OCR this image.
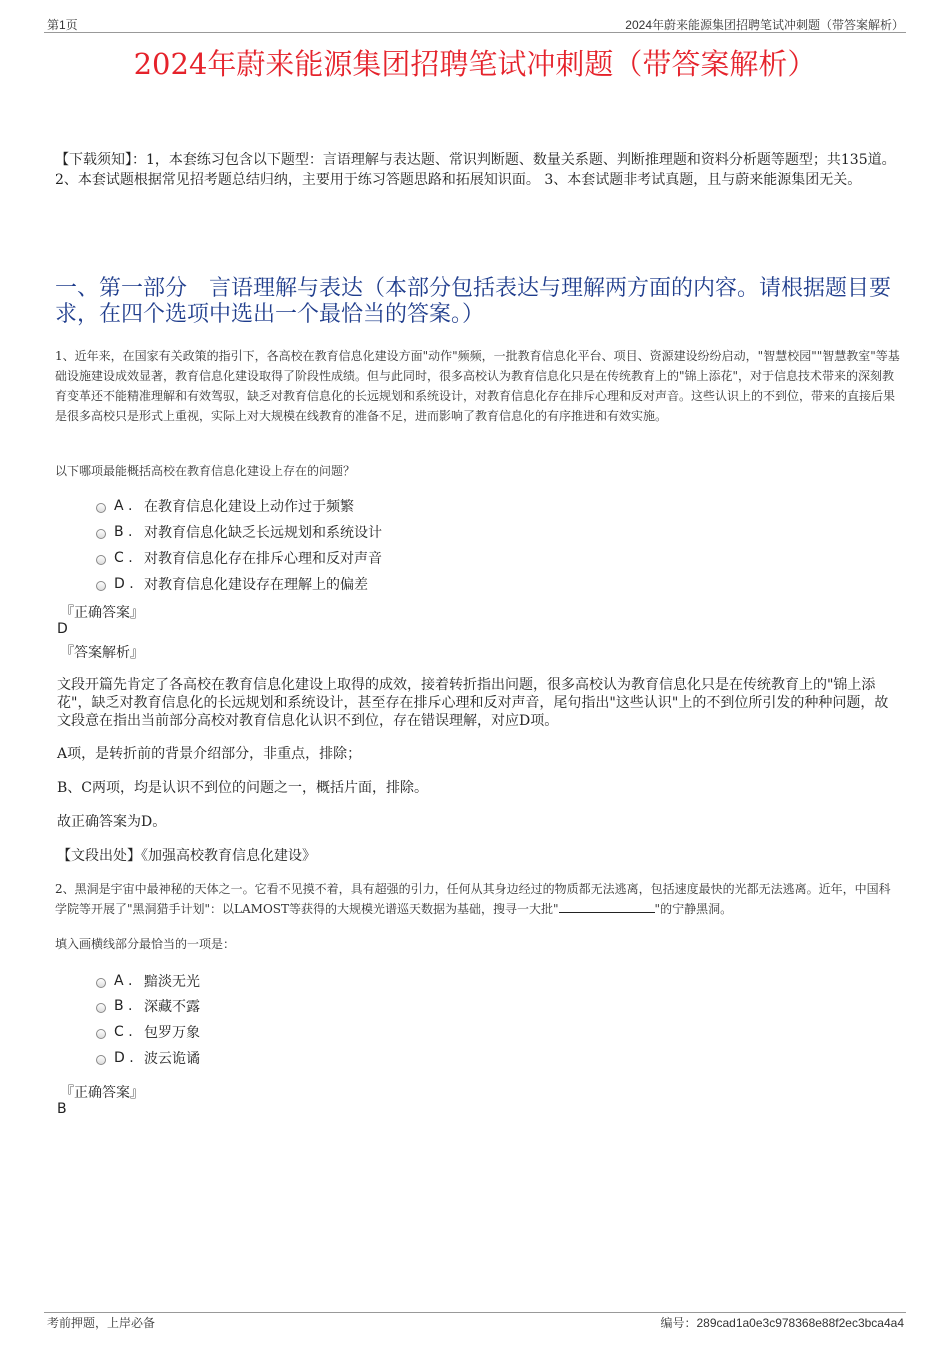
第1页	2024年蔚来能源集团招聘笔试冲刺题（带答案解析）
2024年蔚来能源集团招聘笔试冲刺题（带答案解析）
【下载须知】：1，本套练习包含以下题型：言语理解与表达题、常识判断题、数量关系题、判断推理题和资料分析题等题型；共135道。 2、本套试题根据常见招考题总结归纳，主要用于练习答题思路和拓展知识面。 3、本套试题非考试真题，且与蔚来能源集团无关。
一、第一部分　言语理解与表达（本部分包括表达与理解两方面的内容。请根据题目要求，在四个选项中选出一个最恰当的答案。）
1、近年来，在国家有关政策的指引下，各高校在教育信息化建设方面"动作"频频，一批教育信息化平台、项目、资源建设纷纷启动，"智慧校园""智慧教室"等基础设施建设成效显著，教育信息化建设取得了阶段性成绩。但与此同时，很多高校认为教育信息化只是在传统教育上的"锦上添花"，对于信息技术带来的深刻教育变革还不能精准理解和有效驾驭，缺乏对教育信息化的长远规划和系统设计，对教育信息化存在排斥心理和反对声音。这些认识上的不到位，带来的直接后果是很多高校只是形式上重视，实际上对大规模在线教育的准备不足，进而影响了教育信息化的有序推进和有效实施。
以下哪项最能概括高校在教育信息化建设上存在的问题？
A . 在教育信息化建设上动作过于频繁
B . 对教育信息化缺乏长远规划和系统设计
C . 对教育信息化存在排斥心理和反对声音
D . 对教育信息化建设存在理解上的偏差
『正确答案』
D
『答案解析』
文段开篇先肯定了各高校在教育信息化建设上取得的成效，接着转折指出问题，很多高校认为教育信息化只是在传统教育上的"锦上添花"，缺乏对教育信息化的长远规划和系统设计，甚至存在排斥心理和反对声音，尾句指出"这些认识"上的不到位所引发的种种问题，故文段意在指出当前部分高校对教育信息化认识不到位，存在错误理解，对应D项。
A项，是转折前的背景介绍部分，非重点，排除；
B、C两项，均是认识不到位的问题之一，概括片面，排除。
故正确答案为D。
【文段出处】《加强高校教育信息化建设》
2、黑洞是宇宙中最神秘的天体之一。它看不见摸不着，具有超强的引力，任何从其身边经过的物质都无法逃离，包括速度最快的光都无法逃离。近年，中国科学院等开展了"黑洞猎手计划"：以LAMOST等获得的大规模光谱巡天数据为基础，搜寻一大批"	"的宁静黑洞。
填入画横线部分最恰当的一项是：
A . 黯淡无光
B . 深藏不露
C . 包罗万象
D . 波云诡谲
『正确答案』
B
考前押题，上岸必备	编号：289cad1a0e3c978368e88f2ec3bca4a4
